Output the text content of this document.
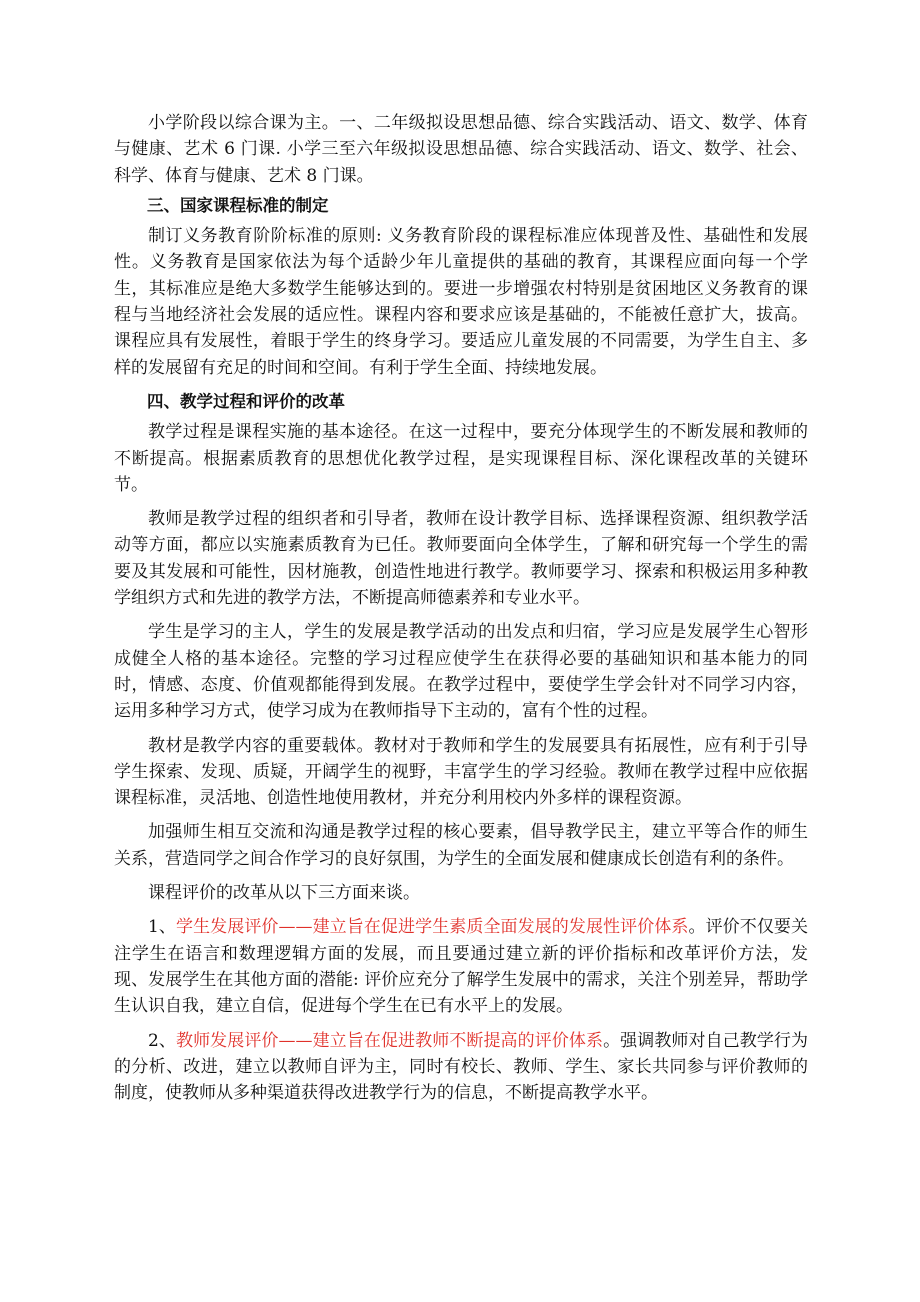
小学阶段以综合课为主。一、二年级拟设思想品德、综合实践活动、语文、数学、体育与健康、艺术 6 门课. 小学三至六年级拟设思想品德、综合实践活动、语文、数学、社会、科学、体育与健康、艺术 8 门课。

三、国家课程标准的制定

制订义务教育阶阶标准的原则: 义务教育阶段的课程标准应体现普及性、基础性和发展性。义务教育是国家依法为每个适龄少年儿童提供的基础的教育，其课程应面向每一个学生，其标准应是绝大多数学生能够达到的。要进一步增强农村特别是贫困地区义务教育的课程与当地经济社会发展的适应性。课程内容和要求应该是基础的，不能被任意扩大，拔高。课程应具有发展性，着眼于学生的终身学习。要适应儿童发展的不同需要，为学生自主、多样的发展留有充足的时间和空间。有利于学生全面、持续地发展。

四、教学过程和评价的改革

教学过程是课程实施的基本途径。在这一过程中，要充分体现学生的不断发展和教师的不断提高。根据素质教育的思想优化教学过程，是实现课程目标、深化课程改革的关键环节。

教师是教学过程的组织者和引导者，教师在设计教学目标、选择课程资源、组织教学活动等方面，都应以实施素质教育为已任。教师要面向全体学生，了解和研究每一个学生的需要及其发展和可能性，因材施教，创造性地进行教学。教师要学习、探索和积极运用多种教学组织方式和先进的教学方法，不断提高师德素养和专业水平。

学生是学习的主人，学生的发展是教学活动的出发点和归宿，学习应是发展学生心智形成健全人格的基本途径。完整的学习过程应使学生在获得必要的基础知识和基本能力的同时，情感、态度、价值观都能得到发展。在教学过程中，要使学生学会针对不同学习内容，运用多种学习方式，使学习成为在教师指导下主动的，富有个性的过程。

教材是教学内容的重要载体。教材对于教师和学生的发展要具有拓展性，应有利于引导学生探索、发现、质疑，开阔学生的视野，丰富学生的学习经验。教师在教学过程中应依据课程标准，灵活地、创造性地使用教材，并充分利用校内外多样的课程资源。

加强师生相互交流和沟通是教学过程的核心要素，倡导教学民主，建立平等合作的师生关系，营造同学之间合作学习的良好氛围，为学生的全面发展和健康成长创造有利的条件。

课程评价的改革从以下三方面来谈。

1、学生发展评价——建立旨在促进学生素质全面发展的发展性评价体系。评价不仅要关注学生在语言和数理逻辑方面的发展，而且要通过建立新的评价指标和改革评价方法，发现、发展学生在其他方面的潜能: 评价应充分了解学生发展中的需求，关注个别差异，帮助学生认识自我，建立自信，促进每个学生在已有水平上的发展。

2、教师发展评价——建立旨在促进教师不断提高的评价体系。强调教师对自己教学行为的分析、改进，建立以教师自评为主，同时有校长、教师、学生、家长共同参与评价教师的制度，使教师从多种渠道获得改进教学行为的信息，不断提高教学水平。
